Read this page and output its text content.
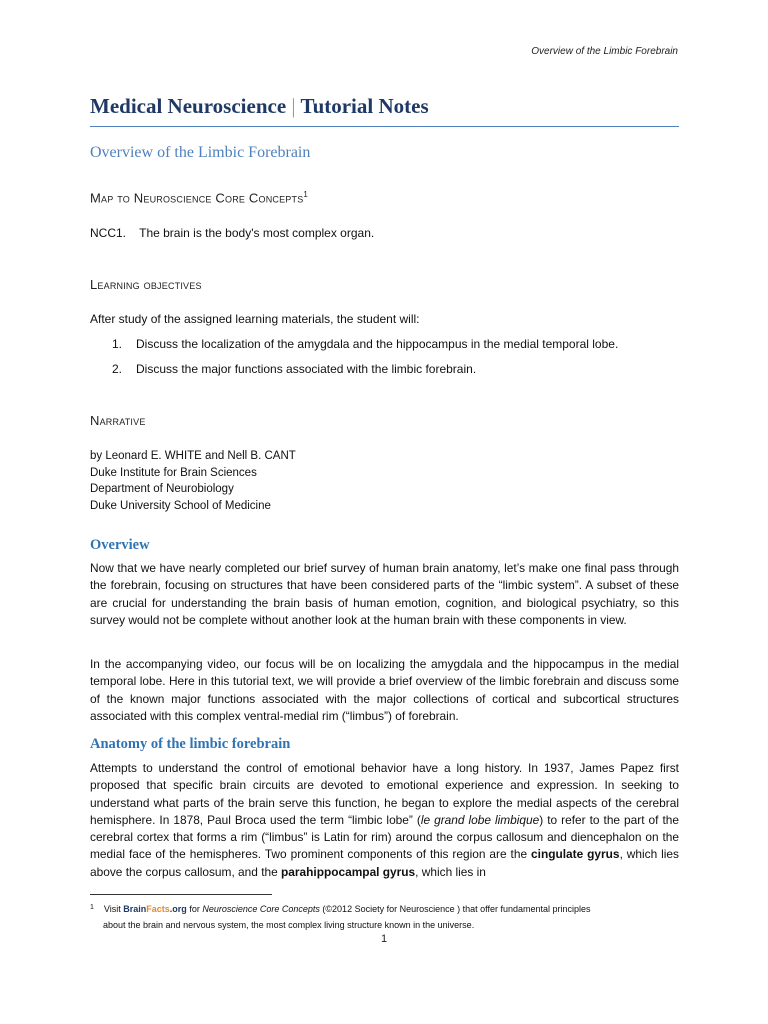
Overview of the Limbic Forebrain
Medical Neuroscience | Tutorial Notes
Overview of the Limbic Forebrain
Map to Neuroscience Core Concepts$^1$
NCC1. The brain is the body's most complex organ.
Learning objectives
After study of the assigned learning materials, the student will:
1. Discuss the localization of the amygdala and the hippocampus in the medial temporal lobe.
2. Discuss the major functions associated with the limbic forebrain.
Narrative
by Leonard E. WHITE and Nell B. CANT
Duke Institute for Brain Sciences
Department of Neurobiology
Duke University School of Medicine
Overview
Now that we have nearly completed our brief survey of human brain anatomy, let’s make one final pass through the forebrain, focusing on structures that have been considered parts of the “limbic system”. A subset of these are crucial for understanding the brain basis of human emotion, cognition, and biological psychiatry, so this survey would not be complete without another look at the human brain with these components in view.
In the accompanying video, our focus will be on localizing the amygdala and the hippocampus in the medial temporal lobe. Here in this tutorial text, we will provide a brief overview of the limbic forebrain and discuss some of the known major functions associated with the major collections of cortical and subcortical structures associated with this complex ventral-medial rim (“limbus”) of forebrain.
Anatomy of the limbic forebrain
Attempts to understand the control of emotional behavior have a long history. In 1937, James Papez first proposed that specific brain circuits are devoted to emotional experience and expression. In seeking to understand what parts of the brain serve this function, he began to explore the medial aspects of the cerebral hemisphere. In 1878, Paul Broca used the term “limbic lobe” (le grand lobe limbique) to refer to the part of the cerebral cortex that forms a rim (“limbus” is Latin for rim) around the corpus callosum and diencephalon on the medial face of the hemispheres. Two prominent components of this region are the cingulate gyrus, which lies above the corpus callosum, and the parahippocampal gyrus, which lies in
$^1$ Visit BrainFacts.org for Neuroscience Core Concepts (©2012 Society for Neuroscience ) that offer fundamental principles
about the brain and nervous system, the most complex living structure known in the universe.
1
